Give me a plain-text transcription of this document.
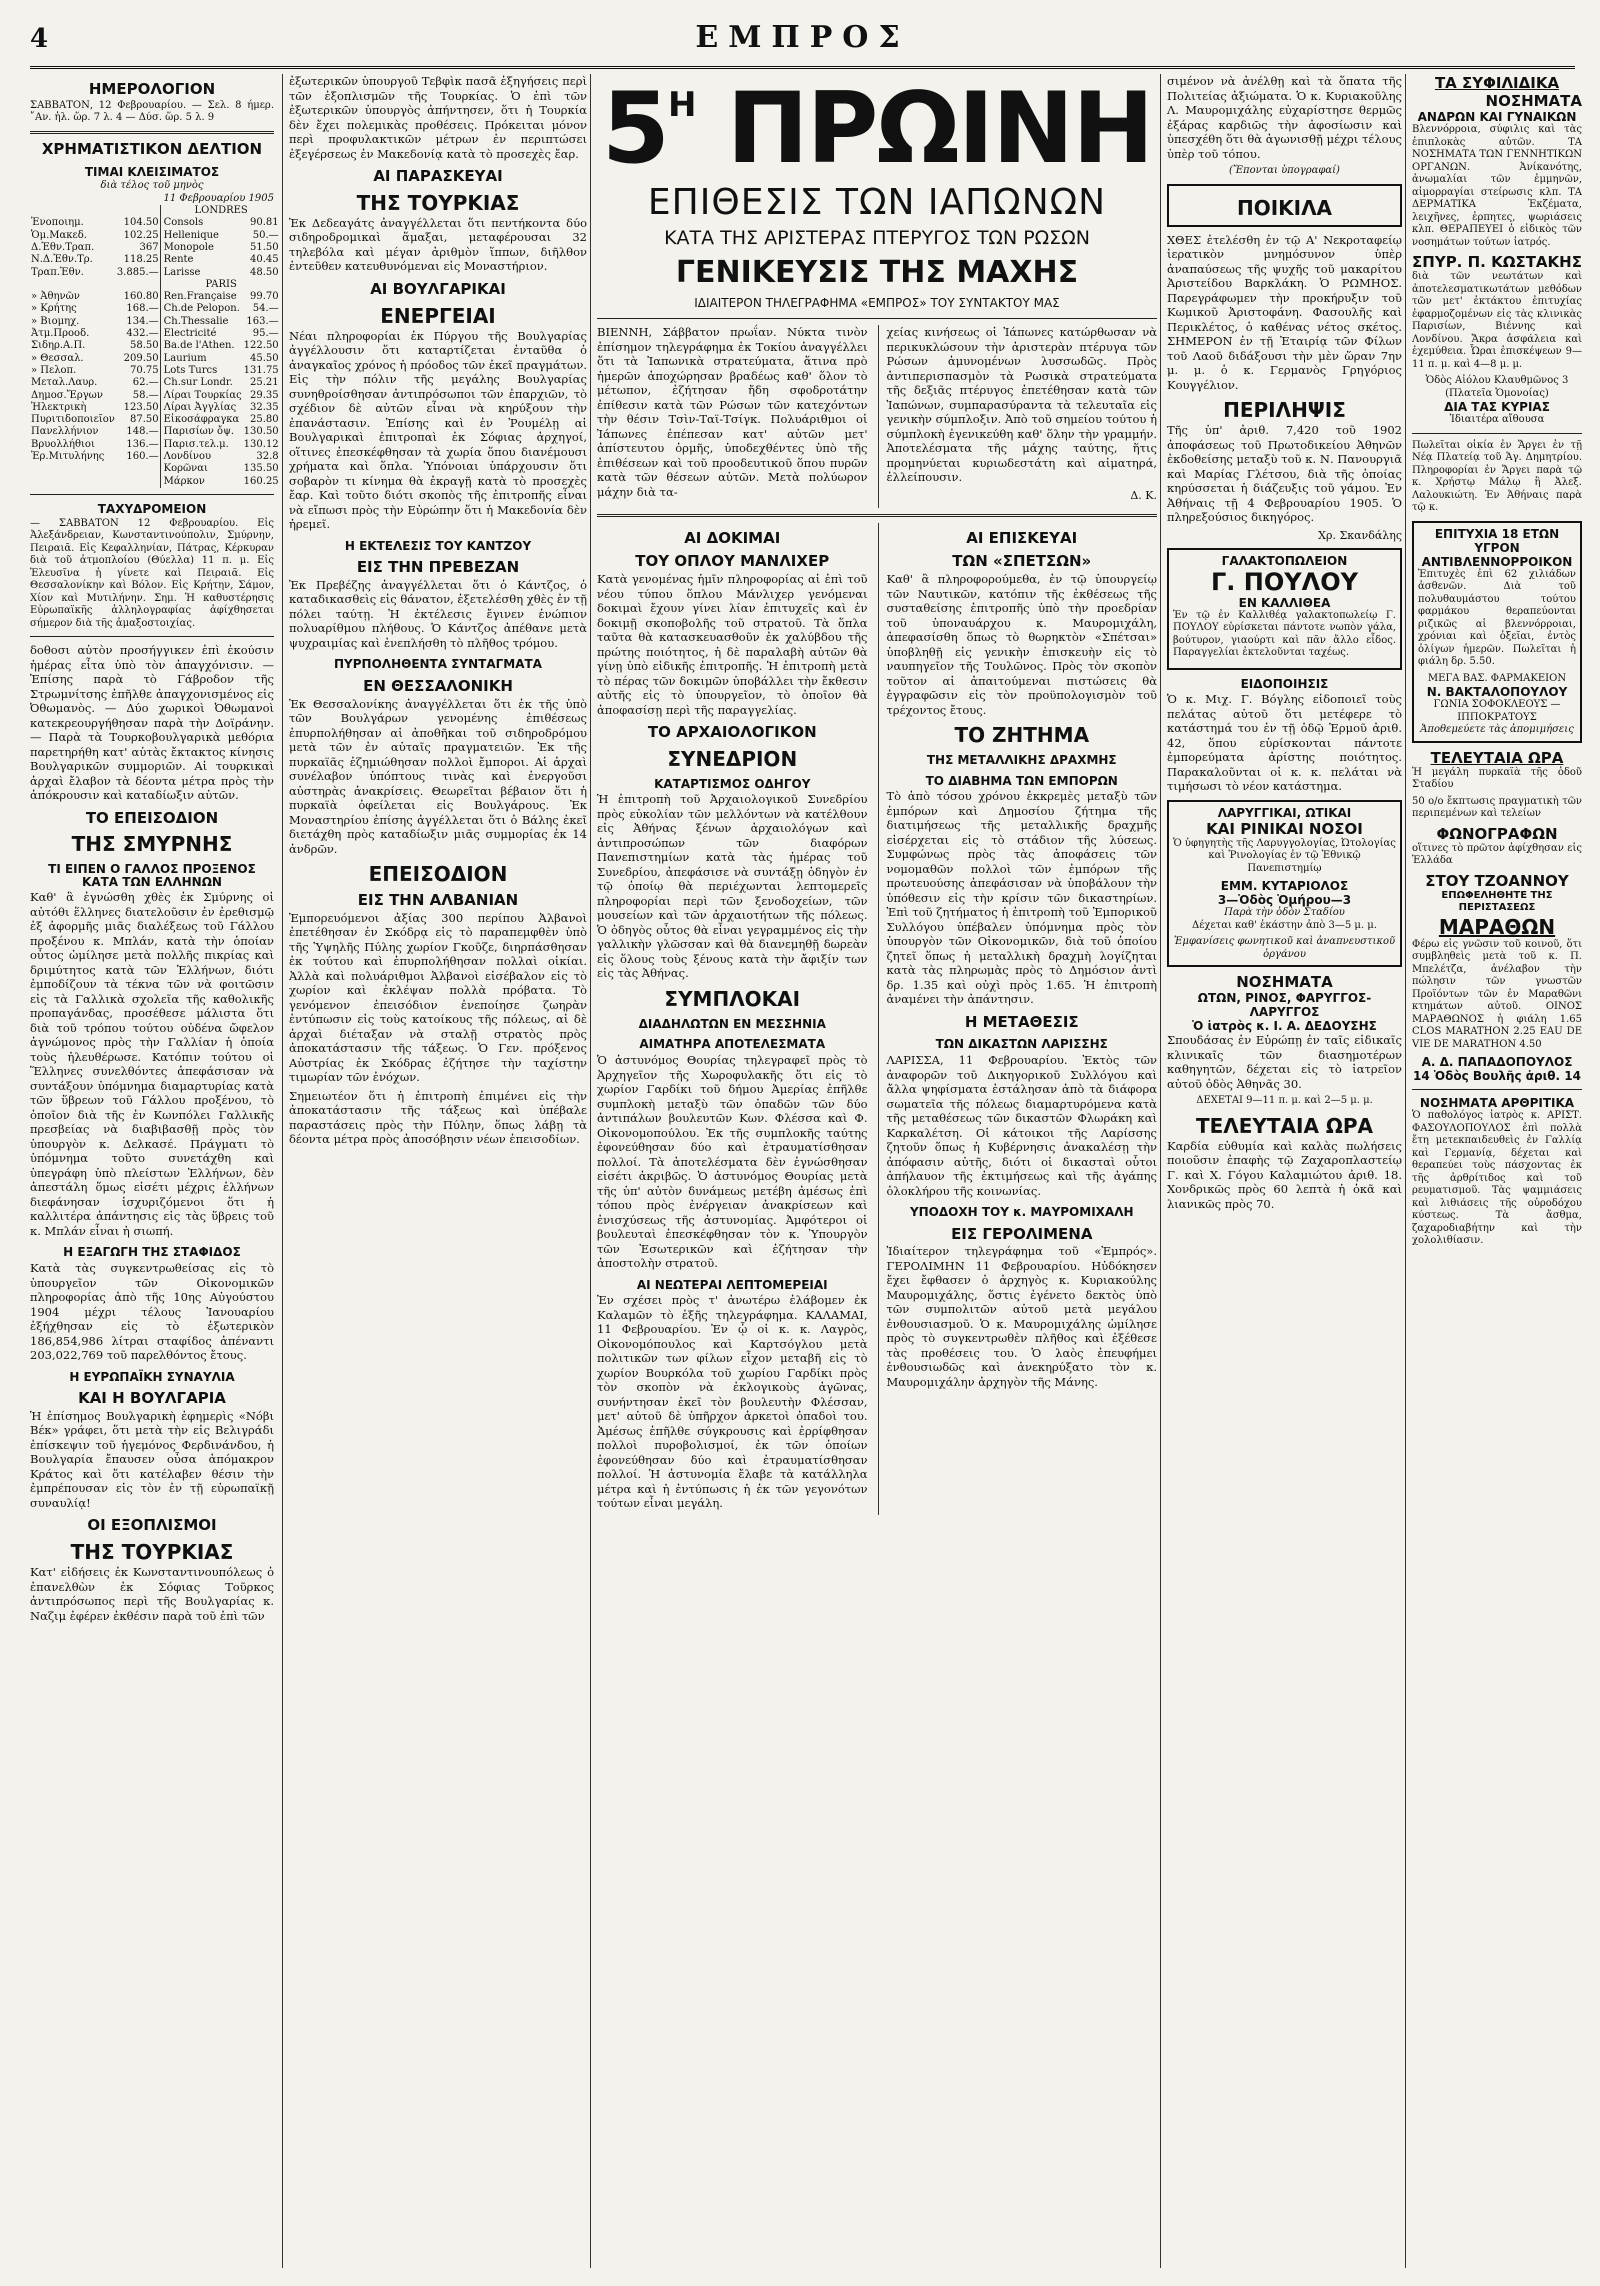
4	ΕΜΠΡΟΣ
ΗΜΕΡΟΛΟΓΙΟΝ

ΣΑΒΒΑΤΟΝ, 12 Φεβρουαρίου. — Σελ. 8 ήμερ. ῎Αν. ἡλ. ὥρ. 7 λ. 4 — Δύσ. ὥρ. 5 λ. 9

ΧΡΗΜΑΤΙΣΤΙΚΟΝ ΔΕΛΤΙΟΝ
ΤΙΜΑΙ ΚΛΕΙΣΙΜΑΤΟΣ
διὰ τέλος τοῦ μηνὸς
11 Φεβρουαρίου 1905
		LONDRES	
Ἐνοποιημ.	104.50	Consols	90.81
Ὁμ.Μακεδ.	102.25	Hellenique	50.—
Δ.Ἐθν.Τραπ.	367	Monopole	51.50
Ν.Δ.Ἐθν.Τρ.	118.25	Rente	40.45
Τραπ.Ἐθν.	3.885.—	Larisse	48.50
		PARIS	
» Ἀθηνῶν	160.80	Ren.Française	99.70
» Κρήτης	168.—	Ch.de Pelopon.	54.—
» Βιομηχ.	134.—	Ch.Thessalie	163.—
Ἀτμ.Προοδ.	432.—	Electricité	95.—
Σιδηρ.Α.Π.	58.50	Ba.de l'Athen.	122.50
» Θεσσαλ.	209.50	Laurium	45.50
» Πελοπ.	70.75	Lots Turcs	131.75
Μεταλ.Λαυρ.	62.—	Ch.sur Londr.	25.21
Δημοσ.Ἔργων	58.—	Λίραι Τουρκίας	29.35
Ἠλεκτρικὴ	123.50	Λίραι Ἀγγλίας	32.35
Πυριτιδοποιεῖον	87.50	Εἰκοσάφραγκα	25.80
Πανελλήνιον	148.—	Παρισίων ὄψ.	130.50
Βρυολλήθιοι	136.—	Παρισ.τελ.μ.	130.12
Ἐρ.Μιτυλήνης	160.—	Λονδίνου	32.8
		Κορῶναι	135.50
		Μάρκον	160.25
ΤΑΧΥΔΡΟΜΕΙΟΝ

— ΣΑΒΒΑΤΟΝ 12 Φεβρουαρίου. Εἰς Ἀλεξάνδρειαν, Κωνσταντινούπολιν, Σμύρνην, Πειραιᾶ. Εἰς Κεφαλληνίαν, Πάτρας, Κέρκυραν διὰ τοῦ ἀτμοπλοίου (Θύελλα) 11 π. μ. Εἰς Ἐλευσῖνα ἡ γίνετε καὶ Πειραιᾶ. Εἰς Θεσσαλονίκην καὶ Βόλον. Εἰς Κρήτην, Σάμον, Χίον καὶ Μυτιλήνην. Σημ. Ἡ καθυστέρησις Εὐρωπαϊκῆς ἀλληλογραφίας ἀφίχθησεται σήμερον διὰ τῆς ἀμαξοστοιχίας.

δοθοσι αὐτὸν προσήγγικεν ἐπὶ ἐκούσιν ἡμέρας εἶτα ὑπὸ τὸν ἀπαγχόνισιν. — Ἐπίσης παρὰ τὸ Γάβροδον τῆς Στρωμνίτσης ἐπῆλθε ἀπαγχονισμένος εἰς Ὀθωμανὸς. — Δύο χωρικοὶ Ὀθωμανοὶ κατεκρεουργήθησαν παρὰ τὴν Δοϊράνην. — Παρὰ τὰ Τουρκοβουλγαρικὰ μεθόρια παρετηρήθη κατ' αὐτὰς ἔκτακτος κίνησις Βουλγαρικῶν συμμοριῶν. Αἱ τουρκικαὶ ἀρχαὶ ἔλαβον τὰ δέοντα μέτρα πρὸς τὴν ἀπόκρουσιν καὶ καταδίωξιν αὐτῶν.

ΤΟ ΕΠΕΙΣΟΔΙΟΝ
ΤΗΣ ΣΜΥΡΝΗΣ
ΤΙ ΕΙΠΕΝ Ο ΓΑΛΛΟΣ ΠΡΟΞΕΝΟΣ ΚΑΤΑ ΤΩΝ ΕΛΛΗΝΩΝ

Καθ' ἃ ἐγνώσθη χθὲς ἐκ Σμύρνης οἱ αὐτόθι ἕλληνες διατελοῦσιν ἐν ἐρεθισμῷ ἐξ ἀφορμῆς μιᾶς διαλέξεως τοῦ Γάλλου προξένου κ. Μπλάν, κατὰ τὴν ὁποίαν οὗτος ὡμίλησε μετὰ πολλῆς πικρίας καὶ δριμύτητος κατὰ τῶν Ἑλλήνων, διότι ἐμποδίζουν τὰ τέκνα τῶν νὰ φοιτῶσιν εἰς τὰ Γαλλικὰ σχολεῖα τῆς καθολικῆς προπαγάνδας, προσέθεσε μάλιστα ὅτι διὰ τοῦ τρόπου τούτου οὐδένα ὤφελον ἀγνώμονος πρὸς τὴν Γαλλίαν ἡ ὁποία τοὺς ἠλευθέρωσε. Κατόπιν τούτου οἱ Ἕλληνες συνελθόντες ἀπεφάσισαν νὰ συντάξουν ὑπόμνημα διαμαρτυρίας κατὰ τῶν ὕβρεων τοῦ Γάλλου προξένου, τὸ ὁποῖον διὰ τῆς ἐν Κωνπόλει Γαλλικῆς πρεσβείας νὰ διαβιβασθῇ πρὸς τὸν ὑπουργὸν κ. Δελκασέ. Πράγματι τὸ ὑπόμνημα τοῦτο συνετάχθη καὶ ὑπεγράφη ὑπὸ πλείστων Ἑλλήνων, δὲν ἀπεστάλη ὅμως εἰσέτι μέχρις ἑλλήνων διεφάνησαν ἰσχυριζόμενοι ὅτι ἡ καλλιτέρα ἀπάντησις εἰς τὰς ὕβρεις τοῦ κ. Μπλάν εἶναι ἡ σιωπή.

Η ΕΞΑΓΩΓΗ ΤΗΣ ΣΤΑΦΙΔΟΣ

Κατὰ τὰς συγκεντρωθείσας εἰς τὸ ὑπουργεῖον τῶν Οἰκονομικῶν πληροφορίας ἀπὸ τῆς 10ης Αὐγούστου 1904 μέχρι τέλους Ἰανουαρίου ἐξήχθησαν εἰς τὸ ἐξωτερικὸν 186,854,986 λίτραι σταφίδος ἀπέναντι 203,022,769 τοῦ παρελθόντος ἔτους.

Η ΕΥΡΩΠΑΪΚΗ ΣΥΝΑΥΛΙΑ
ΚΑΙ Η ΒΟΥΛΓΑΡΙΑ

Ἡ ἐπίσημος Βουλγαρικὴ ἐφημερὶς «Νόβι Βέκ» γράφει, ὅτι μετὰ τὴν εἰς Βελιγράδι ἐπίσκεψιν τοῦ ἡγεμόνος Φερδινάνδου, ἡ Βουλγαρία ἔπαυσεν οὖσα ἀπόμακρον Κράτος καὶ ὅτι κατέλαβεν θέσιν τὴν ἐμπρέπουσαν εἰς τὸν ἐν τῇ εὐρωπαϊκῇ συναυλίᾳ!

ΟΙ ΕΞΟΠΛΙΣΜΟΙ
ΤΗΣ ΤΟΥΡΚΙΑΣ

Κατ' εἰδήσεις ἐκ Κωνσταντινουπόλεως ὁ ἐπανελθὼν ἐκ Σόφιας Τοῦρκος ἀντιπρόσωπος περὶ τῆς Βουλγαρίας κ. Ναζιμ ἐφέρεν ἐκθέσιν παρὰ τοῦ ἐπὶ τῶν

ἐξωτερικῶν ὑπουργοῦ Τεβφὶκ πασᾶ ἐξηγήσεις περὶ τῶν ἐξοπλισμῶν τῆς Τουρκίας. Ὁ ἐπὶ τῶν ἐξωτερικῶν ὑπουργὸς ἀπήντησεν, ὅτι ἡ Τουρκία δὲν ἔχει πολεμικὰς προθέσεις. Πρόκειται μόνον περὶ προφυλακτικῶν μέτρων ἐν περιπτώσει ἐξεγέρσεως ἐν Μακεδονίᾳ κατὰ τὸ προσεχὲς ἔαρ.

ΑΙ ΠΑΡΑΣΚΕΥΑΙ
ΤΗΣ ΤΟΥΡΚΙΑΣ

Ἐκ Δεδεαγάτς ἀναγγέλλεται ὅτι πεντήκοντα δύο σιδηροδρομικαὶ ἅμαξαι, μεταφέρουσαι 32 τηλεβόλα καὶ μέγαν ἀριθμὸν ἵππων, διῆλθον ἐντεῦθεν κατευθυνόμεναι εἰς Μοναστήριον.

ΑΙ ΒΟΥΛΓΑΡΙΚΑΙ
ΕΝΕΡΓΕΙΑΙ

Νέαι πληροφορίαι ἐκ Πύργου τῆς Βουλγαρίας ἀγγέλλουσιν ὅτι καταρτίζεται ἐνταῦθα ὁ ἀναγκαῖος χρόνος ἡ πρόοδος τῶν ἐκεῖ πραγμάτων. Εἰς τὴν πόλιν τῆς μεγάλης Βουλγαρίας συνηθροίσθησαν ἀντιπρόσωποι τῶν ἐπαρχιῶν, τὸ σχέδιον δὲ αὐτῶν εἶναι νὰ κηρύξουν τὴν ἐπανάστασιν. Ἐπίσης καὶ ἐν Ῥουμέλῃ αἱ Βουλγαρικαὶ ἐπιτροπαὶ ἐκ Σόφιας ἀρχηγοί, οἵτινες ἐπεσκέφθησαν τὰ χωρία ὅπου διανέμουσι χρήματα καὶ ὅπλα. Ὑπόνοιαι ὑπάρχουσιν ὅτι σοβαρὸν τι κίνημα θὰ ἐκραγῇ κατὰ τὸ προσεχὲς ἔαρ. Καὶ τοῦτο διότι σκοπὸς τῆς ἐπιτροπῆς εἶναι νὰ εἴπωσι πρὸς τὴν Εὐρώπην ὅτι ἡ Μακεδονία δὲν ἠρεμεῖ.

Η ΕΚΤΕΛΕΣΙΣ ΤΟΥ ΚΑΝΤΖΟΥ
ΕΙΣ ΤΗΝ ΠΡΕΒΕΖΑΝ

Ἐκ Πρεβέζης ἀναγγέλλεται ὅτι ὁ Κάντζος, ὁ καταδικασθεὶς εἰς θάνατον, ἐξετελέσθη χθὲς ἐν τῇ πόλει ταύτῃ. Ἡ ἐκτέλεσις ἔγινεν ἐνώπιον πολυαρίθμου πλήθους. Ὁ Κάντζος ἀπέθανε μετὰ ψυχραιμίας καὶ ἐνεπλήσθη τὸ πλῆθος τρόμου.

ΠΥΡΠΟΛΗΘΕΝΤΑ ΣΥΝΤΑΓΜΑΤΑ
ΕΝ ΘΕΣΣΑΛΟΝΙΚΗ

Ἐκ Θεσσαλονίκης ἀναγγέλλεται ὅτι ἐκ τῆς ὑπὸ τῶν Βουλγάρων γενομένης ἐπιθέσεως ἐπυρπολήθησαν αἱ ἀποθῆκαι τοῦ σιδηροδρόμου μετὰ τῶν ἐν αὐταῖς πραγματειῶν. Ἐκ τῆς πυρκαϊᾶς ἐζημιώθησαν πολλοὶ ἔμποροι. Αἱ ἀρχαὶ συνέλαβον ὑπόπτους τινὰς καὶ ἐνεργοῦσι αὐστηρὰς ἀνακρίσεις. Θεωρεῖται βέβαιον ὅτι ἡ πυρκαϊὰ ὀφείλεται εἰς Βουλγάρους. Ἐκ Μοναστηρίου ἐπίσης ἀγγέλλεται ὅτι ὁ Βάλης ἐκεῖ διετάχθη πρὸς καταδίωξιν μιᾶς συμμορίας ἐκ 14 ἀνδρῶν.

ΕΠΕΙΣΟΔΙΟΝ
ΕΙΣ ΤΗΝ ΑΛΒΑΝΙΑΝ

Ἐμπορευόμενοι ἀξίας 300 περίπου Ἀλβανοὶ ἐπετέθησαν ἐν Σκόδρᾳ εἰς τὸ παραπεμφθὲν ὑπὸ τῆς Ὑψηλῆς Πύλης χωρίον Γκοῦζε, διηρπάσθησαν ἐκ τούτου καὶ ἐπυρπολήθησαν πολλαὶ οἰκίαι. Ἀλλὰ καὶ πολυάριθμοι Ἀλβανοὶ εἰσέβαλον εἰς τὸ χωρίον καὶ ἐκλέψαν πολλὰ πρόβατα. Τὸ γενόμενον ἐπεισόδιον ἐνεποίησε ζωηρὰν ἐντύπωσιν εἰς τοὺς κατοίκους τῆς πόλεως, αἱ δὲ ἀρχαὶ διέταξαν νὰ σταλῇ στρατὸς πρὸς ἀποκατάστασιν τῆς τάξεως. Ὁ Γεν. πρόξενος Αὐστρίας ἐκ Σκόδρας ἐζήτησε τὴν ταχίστην τιμωρίαν τῶν ἐνόχων.

Σημειωτέον ὅτι ἡ ἐπιτροπὴ ἐπιμένει εἰς τὴν ἀποκατάστασιν τῆς τάξεως καὶ ὑπέβαλε παραστάσεις πρὸς τὴν Πύλην, ὅπως λάβῃ τὰ δέοντα μέτρα πρὸς ἀποσόβησιν νέων ἐπεισοδίων.

$5^H$ ΠΡΩΙΝΗ
ΕΠΙΘΕΣΙΣ ΤΩΝ ΙΑΠΩΝΩΝ
ΚΑΤΑ ΤΗΣ ΑΡΙΣΤΕΡΑΣ ΠΤΕΡΥΓΟΣ ΤΩΝ ΡΩΣΩΝ
ΓΕΝΙΚΕΥΣΙΣ ΤΗΣ ΜΑΧΗΣ
ΙΔΙΑΙΤΕΡΟΝ ΤΗΛΕΓΡΑΦΗΜΑ «ΕΜΠΡΟΣ» ΤΟΥ ΣΥΝΤΑΚΤΟΥ ΜΑΣ

ΒΙΕΝΝΗ, Σάββατον πρωΐαν. Νύκτα τινὸν ἐπίσημον τηλεγράφημα ἐκ Τοκίου ἀναγγέλλει ὅτι τὰ Ἰαπωνικὰ στρατεύματα, ἅτινα πρὸ ἡμερῶν ἀποχώρησαν βραδέως καθ' ὅλον τὸ μέτωπον, ἐζήτησαν ἤδη σφοδροτάτην ἐπίθεσιν κατὰ τῶν Ρώσων τῶν κατεχόντων τὴν θέσιν Τσὶν-Ταϊ-Τσίγκ. Πολυάριθμοι οἱ Ἰάπωνες ἐπέπεσαν κατ' αὐτῶν μετ' ἀπίστευτου ὁρμῆς, ὑποδεχθέντες ὑπὸ τῆς ἐπιθέσεων καὶ τοῦ προοδευτικοῦ ὅπου πυρῶν κατὰ τῶν θέσεων αὐτῶν. Μετὰ πολύωρον μάχην διὰ τα-

χείας κινήσεως οἱ Ἰάπωνες κατώρθωσαν νὰ περικυκλώσουν τὴν ἀριστερὰν πτέρυγα τῶν Ρώσων ἀμυνομένων λυσσωδῶς. Πρὸς ἀντιπερισπασμὸν τὰ Ρωσικὰ στρατεύματα τῆς δεξιᾶς πτέρυγος ἐπετέθησαν κατὰ τῶν Ἰαπώνων, συμπαρασύραντα τὰ τελευταῖα εἰς γενικὴν σύμπλοξιν. Ἀπὸ τοῦ σημείου τούτου ἡ σύμπλοκὴ ἐγενικεύθη καθ' ὅλην τὴν γραμμήν. Ἀποτελέσματα τῆς μάχης ταύτης, ἥτις προμηνύεται κυριωδεστάτη καὶ αἱματηρά, ἐλλείπουσιν.

Δ. Κ.
ΑΙ ΔΟΚΙΜΑΙ
ΤΟΥ ΟΠΛΟΥ ΜΑΝΛΙΧΕΡ

Κατὰ γενομένας ἡμῖν πληροφορίας αἱ ἐπὶ τοῦ νέου τύπου ὅπλου Μάνλιχερ γενόμεναι δοκιμαὶ ἔχουν γίνει λίαν ἐπιτυχεῖς καὶ ἐν δοκιμῇ σκοποβολῆς τοῦ στρατοῦ. Τὰ ὅπλα ταῦτα θὰ κατασκευασθοῦν ἐκ χαλύβδου τῆς πρώτης ποιότητος, ἡ δὲ παραλαβὴ αὐτῶν θὰ γίνῃ ὑπὸ εἰδικῆς ἐπιτροπῆς. Ἡ ἐπιτροπὴ μετὰ τὸ πέρας τῶν δοκιμῶν ὑποβάλλει τὴν ἔκθεσιν αὐτῆς εἰς τὸ ὑπουργεῖον, τὸ ὁποῖον θὰ ἀποφασίσῃ περὶ τῆς παραγγελίας.

ΤΟ ΑΡΧΑΙΟΛΟΓΙΚΟΝ
ΣΥΝΕΔΡΙΟΝ
ΚΑΤΑΡΤΙΣΜΟΣ ΟΔΗΓΟΥ

Ἡ ἐπιτροπὴ τοῦ Ἀρχαιολογικοῦ Συνεδρίου πρὸς εὐκολίαν τῶν μελλόντων νὰ κατέλθουν εἰς Ἀθήνας ξένων ἀρχαιολόγων καὶ ἀντιπροσώπων τῶν διαφόρων Πανεπιστημίων κατὰ τὰς ἡμέρας τοῦ Συνεδρίου, ἀπεφάσισε νὰ συντάξῃ ὁδηγὸν ἐν τῷ ὁποίῳ θὰ περιέχωνται λεπτομερεῖς πληροφορίαι περὶ τῶν ξενοδοχείων, τῶν μουσείων καὶ τῶν ἀρχαιοτήτων τῆς πόλεως. Ὁ ὁδηγὸς οὗτος θὰ εἶναι γεγραμμένος εἰς τὴν γαλλικὴν γλῶσσαν καὶ θὰ διανεμηθῇ δωρεὰν εἰς ὅλους τοὺς ξένους κατὰ τὴν ἄφιξίν των εἰς τὰς Ἀθήνας.

ΣΥΜΠΛΟΚΑΙ
ΔΙΑΔΗΛΩΤΩΝ ΕΝ ΜΕΣΣΗΝΙΑ
ΑΙΜΑΤΗΡΑ ΑΠΟΤΕΛΕΣΜΑΤΑ

Ὁ ἀστυνόμος Θουρίας τηλεγραφεῖ πρὸς τὸ Ἀρχηγεῖον τῆς Χωροφυλακῆς ὅτι εἰς τὸ χωρίον Γαρδίκι τοῦ δήμου Ἀμερίας ἐπῆλθε συμπλοκὴ μεταξὺ τῶν ὀπαδῶν τῶν δύο ἀντιπάλων βουλευτῶν Κων. Φλέσσα καὶ Φ. Οἰκονομοπούλου. Ἐκ τῆς συμπλοκῆς ταύτης ἐφονεύθησαν δύο καὶ ἐτραυματίσθησαν πολλοί. Τὰ ἀποτελέσματα δὲν ἐγνώσθησαν εἰσέτι ἀκριβῶς. Ὁ ἀστυνόμος Θουρίας μετὰ τῆς ὑπ' αὐτὸν δυνάμεως μετέβη ἀμέσως ἐπὶ τόπου πρὸς ἐνέργειαν ἀνακρίσεων καὶ ἐνισχύσεως τῆς ἀστυνομίας. Ἀμφότεροι οἱ βουλευταὶ ἐπεσκέφθησαν τὸν κ. Ὑπουργὸν τῶν Ἐσωτερικῶν καὶ ἐζήτησαν τὴν ἀποστολὴν στρατοῦ.

ΑΙ ΝΕΩΤΕΡΑΙ ΛΕΠΤΟΜΕΡΕΙΑΙ

Ἐν σχέσει πρὸς τ' ἀνωτέρω ἐλάβομεν ἐκ Καλαμῶν τὸ ἑξῆς τηλεγράφημα. ΚΑΛΑΜΑΙ, 11 Φεβρουαρίου. Ἐν ᾧ οἱ κ. κ. Λαγρὸς, Οἰκονομόπουλος καὶ Καρτσόγλου μετὰ πολιτικῶν των φίλων εἶχον μεταβῆ εἰς τὸ χωρίον Βουρκόλα τοῦ χωρίου Γαρδίκι πρὸς τὸν σκοπὸν νὰ ἐκλογικοὺς ἀγῶνας, συνήντησαν ἐκεῖ τὸν βουλευτὴν Φλέσσαν, μετ' αὐτοῦ δὲ ὑπῆρχον ἀρκετοὶ ὀπαδοὶ του. Ἀμέσως ἐπῆλθε σύγκρουσις καὶ ἐρρίφθησαν πολλοὶ πυροβολισμοί, ἐκ τῶν ὁποίων ἐφονεύθησαν δύο καὶ ἐτραυματίσθησαν πολλοί. Ἡ ἀστυνομία ἔλαβε τὰ κατάλληλα μέτρα καὶ ἡ ἐντύπωσις ἡ ἐκ τῶν γεγονότων τούτων εἶναι μεγάλη.

ΑΙ ΕΠΙΣΚΕΥΑΙ
ΤΩΝ «ΣΠΕΤΣΩΝ»

Καθ' ἃ πληροφορούμεθα, ἐν τῷ ὑπουργείῳ τῶν Ναυτικῶν, κατόπιν τῆς ἐκθέσεως τῆς συσταθείσης ἐπιτροπῆς ὑπὸ τὴν προεδρίαν τοῦ ὑποναυάρχου κ. Μαυρομιχάλη, ἀπεφασίσθη ὅπως τὸ θωρηκτὸν «Σπέτσαι» ὑποβληθῇ εἰς γενικὴν ἐπισκευὴν εἰς τὸ ναυπηγεῖον τῆς Τουλῶνος. Πρὸς τὸν σκοπὸν τοῦτον αἱ ἀπαιτούμεναι πιστώσεις θὰ ἐγγραφῶσιν εἰς τὸν προϋπολογισμὸν τοῦ τρέχοντος ἔτους.

ΤΟ ΖΗΤΗΜΑ
ΤΗΣ ΜΕΤΑΛΛΙΚΗΣ ΔΡΑΧΜΗΣ
ΤΟ ΔΙΑΒΗΜΑ ΤΩΝ ΕΜΠΟΡΩΝ

Τὸ ἀπὸ τόσου χρόνου ἐκκρεμὲς μεταξὺ τῶν ἐμπόρων καὶ Δημοσίου ζήτημα τῆς διατιμήσεως τῆς μεταλλικῆς δραχμῆς εἰσέρχεται εἰς τὸ στάδιον τῆς λύσεως. Συμφώνως πρὸς τὰς ἀποφάσεις τῶν νομομαθῶν πολλοὶ τῶν ἐμπόρων τῆς πρωτευούσης ἀπεφάσισαν νὰ ὑποβάλουν τὴν ὑπόθεσιν εἰς τὴν κρίσιν τῶν δικαστηρίων. Ἐπὶ τοῦ ζητήματος ἡ ἐπιτροπὴ τοῦ Ἐμπορικοῦ Συλλόγου ὑπέβαλεν ὑπόμνημα πρὸς τὸν ὑπουργὸν τῶν Οἰκονομικῶν, διὰ τοῦ ὁποίου ζητεῖ ὅπως ἡ μεταλλικὴ δραχμὴ λογίζηται κατὰ τὰς πληρωμὰς πρὸς τὸ Δημόσιον ἀντὶ δρ. 1.35 καὶ οὐχὶ πρὸς 1.65. Ἡ ἐπιτροπὴ ἀναμένει τὴν ἀπάντησιν.

Η ΜΕΤΑΘΕΣΙΣ
ΤΩΝ ΔΙΚΑΣΤΩΝ ΛΑΡΙΣΣΗΣ

ΛΑΡΙΣΣΑ, 11 Φεβρουαρίου. Ἐκτὸς τῶν ἀναφορῶν τοῦ Δικηγορικοῦ Συλλόγου καὶ ἄλλα ψηφίσματα ἐστάλησαν ἀπὸ τὰ διάφορα σωματεῖα τῆς πόλεως διαμαρτυρόμενα κατὰ τῆς μεταθέσεως τῶν δικαστῶν Φλωράκη καὶ Καρκαλέτση. Οἱ κάτοικοι τῆς Λαρίσσης ζητοῦν ὅπως ἡ Κυβέρνησις ἀνακαλέσῃ τὴν ἀπόφασιν αὐτῆς, διότι οἱ δικασταὶ οὗτοι ἀπήλαυον τῆς ἐκτιμήσεως καὶ τῆς ἀγάπης ὁλοκλήρου τῆς κοινωνίας.

ΥΠΟΔΟΧΗ ΤΟΥ κ. ΜΑΥΡΟΜΙΧΑΛΗ
ΕΙΣ ΓΕΡΟΛΙΜΕΝΑ

Ἰδιαίτερον τηλεγράφημα τοῦ «Ἐμπρός». ΓΕΡΟΛΙΜΗΝ 11 Φεβρουαρίου. Ηὐδόκησεν ἔχει ἔφθασεν ὁ ἀρχηγὸς κ. Κυριακούλης Μαυρομιχάλης, ὅστις ἐγένετο δεκτὸς ὑπὸ τῶν συμπολιτῶν αὐτοῦ μετὰ μεγάλου ἐνθουσιασμοῦ. Ὁ κ. Μαυρομιχάλης ὡμίλησε πρὸς τὸ συγκεντρωθὲν πλῆθος καὶ ἐξέθεσε τὰς προθέσεις του. Ὁ λαὸς ἐπευφήμει ἐνθουσιωδῶς καὶ ἀνεκηρύξατο τὸν κ. Μαυρομιχάλην ἀρχηγὸν τῆς Μάνης.

σιμένον νὰ ἀνέλθῃ καὶ τὰ ὅπατα τῆς Πολιτείας ἀξιώματα. Ὁ κ. Κυριακοῦλης Λ. Μαυρομιχάλης εὐχαρίστησε θερμῶς ἐξάρας καρδιῶς τὴν ἀφοσίωσιν καὶ ὑπεσχέθη ὅτι θὰ ἀγωνισθῇ μέχρι τέλους ὑπὲρ τοῦ τόπου.

(Ἔπονται ὑπογραφαί)
ΠΟΙΚΙΛΑ

ΧΘΕΣ ἐτελέσθη ἐν τῷ Α' Νεκροταφείῳ ἱερατικὸν μνημόσυνον ὑπὲρ ἀναπαύσεως τῆς ψυχῆς τοῦ μακαρίτου Ἀριστείδου Βαρκλάκη. Ὁ ΡΩΜΗΟΣ. Παρεγράφωμεν τὴν προκήρυξιν τοῦ Κωμικοῦ Ἀριστοφάνη. Φασουλῆς καὶ Περικλέτος, ὁ καθένας νέτος σκέτος. ΣΗΜΕΡΟΝ ἐν τῇ Ἑταιρίᾳ τῶν Φίλων τοῦ Λαοῦ διδάξουσι τὴν μὲν ὥραν 7ην μ. μ. ὁ κ. Γερμανὸς Γρηγόριος Κουγγέλιον.

ΠΕΡΙΛΗΨΙΣ

Τῆς ὑπ' ἀριθ. 7,420 τοῦ 1902 ἀποφάσεως τοῦ Πρωτοδικείου Ἀθηνῶν ἐκδοθείσης μεταξὺ τοῦ κ. Ν. Πανουργιᾶ καὶ Μαρίας Γλέτσου, διὰ τῆς ὁποίας κηρύσσεται ἡ διάζευξις τοῦ γάμου. Ἐν Ἀθήναις τῇ 4 Φεβρουαρίου 1905. Ὁ πληρεξούσιος δικηγόρος.

Χρ. Σκανδάλης
ΓΑΛΑΚΤΟΠΩΛΕΙΟΝ
Γ. ΠΟΥΛΟΥ
ΕΝ ΚΑΛΛΙΘΕΑ

Ἐν τῷ ἐν Καλλιθέᾳ γαλακτοπωλείῳ Γ. ΠΟΥΛΟΥ εὑρίσκεται πάντοτε νωπὸν γάλα, βούτυρον, γιαούρτι καὶ πᾶν ἄλλο εἶδος. Παραγγελίαι ἐκτελοῦνται ταχέως.

ΕΙΔΟΠΟΙΗΣΙΣ

Ὁ κ. Μιχ. Γ. Βόγλης εἰδοποιεῖ τοὺς πελάτας αὐτοῦ ὅτι μετέφερε τὸ κατάστημά του ἐν τῇ ὁδῷ Ἑρμοῦ ἀριθ. 42, ὅπου εὑρίσκονται πάντοτε ἐμπορεύματα ἀρίστης ποιότητος. Παρακαλοῦνται οἱ κ. κ. πελάται νὰ τιμήσωσι τὸ νέον κατάστημα.

ΛΑΡΥΓΓΙΚΑΙ, ΩΤΙΚΑΙ
ΚΑΙ ΡΙΝΙΚΑΙ ΝΟΣΟΙ

Ὁ ὑφηγητὴς τῆς Λαρυγγολογίας, Ὠτολογίας καὶ Ῥινολογίας ἐν τῷ Ἐθνικῷ Πανεπιστημίῳ

ΕΜΜ. ΚΥΤΑΡΙΟΛΟΣ
3—Ὁδὸς Ὁμήρου—3
Παρὰ τὴν ὁδὸν Σταδίου

Δέχεται καθ' ἑκάστην ἀπὸ 3—5 μ. μ.

Ἐμφανίσεις φωνητικοῦ καὶ ἀναπνευστικοῦ ὀργάνου
ΝΟΣΗΜΑΤΑ
ΩΤΩΝ, ΡΙΝΟΣ, ΦΑΡΥΓΓΟΣ-ΛΑΡΥΓΓΟΣ
Ὁ ἰατρὸς κ. Ι. Α. ΔΕΔΟΥΣΗΣ

Σπουδάσας ἐν Εὐρώπῃ ἐν ταῖς εἰδικαῖς κλινικαῖς τῶν διασημοτέρων καθηγητῶν, δέχεται εἰς τὸ ἰατρεῖον αὐτοῦ ὁδὸς Ἀθηνᾶς 30.

ΔΕΧΕΤΑΙ 9—11 π. μ. καὶ 2—5 μ. μ.
ΤΕΛΕΥΤΑΙΑ ΩΡΑ

Καρδία εὐθυμία καὶ καλὰς πωλήσεις ποιοῦσιν ἐπαφὴς τῷ Ζαχαροπλαστείῳ Γ. καὶ Χ. Γόγου Καλαμιώτου ἀριθ. 18. Χονδρικῶς πρὸς 60 λεπτὰ ἡ ὀκᾶ καὶ λιανικῶς πρὸς 70.

ΤΑ ΣΥΦΙΛΙΔΙΚΑ
ΝΟΣΗΜΑΤΑ
ΑΝΔΡΩΝ ΚΑΙ ΓΥΝΑΙΚΩΝ

Βλεννόρροια, σύφιλις καὶ τὰς ἐπιπλοκὰς αὐτῶν. ΤΑ ΝΟΣΗΜΑΤΑ ΤΩΝ ΓΕΝΝΗΤΙΚΩΝ ΟΡΓΑΝΩΝ. Ἀνίκανότης, ἀνωμαλίαι τῶν ἐμμηνῶν, αἱμορραγίαι στείρωσις κλπ. ΤΑ ΔΕΡΜΑΤΙΚΑ Ἐκζέματα, λειχῆνες, ἐρπητες, ψωριάσεις κλπ. ΘΕΡΑΠΕΥΕΙ ὁ εἰδικὸς τῶν νοσημάτων τούτων ἰατρός.

ΣΠΥΡ. Π. ΚΩΣΤΑΚΗΣ

διὰ τῶν νεωτάτων καὶ ἀποτελεσματικωτάτων μεθόδων τῶν μετ' ἐκτάκτου ἐπιτυχίας ἐφαρμοζομένων εἰς τὰς κλινικὰς Παρισίων, Βιέννης καὶ Λονδίνου. Ἄκρα ἀσφάλεια καὶ ἐχεμύθεια. Ὧραι ἐπισκέψεων 9—11 π. μ. καὶ 4—8 μ. μ.

Ὁδὸς Αἰόλου Κλαυθμῶνος 3
(Πλατεῖα Ὁμονοίας)
ΔΙΑ ΤΑΣ ΚΥΡΙΑΣ
Ἰδιαιτέρα αἴθουσα

Πωλεῖται οἰκία ἐν Ἄργει ἐν τῇ Νέᾳ Πλατείᾳ τοῦ Ἁγ. Δημητρίου. Πληροφορίαι ἐν Ἄργει παρὰ τῷ κ. Χρήστῳ Μάλῳ ἢ Ἀλεξ. Λαλουκιώτη. Ἐν Ἀθήναις παρὰ τῷ κ.

ΕΠΙΤΥΧΙΑ 18 ΕΤΩΝ
ΥΓΡΟΝ ΑΝΤΙΒΛΕΝΝΟΡΡΟΙΚΟΝ

Ἐπιτυχὲς ἐπὶ 62 χιλιάδων ἀσθενῶν. Διὰ τοῦ πολυθαυμάστου τούτου φαρμάκου θεραπεύονται ριζικῶς αἱ βλεννόρροιαι, χρόνιαι καὶ ὀξεῖαι, ἐντὸς ὀλίγων ἡμερῶν. Πωλεῖται ἡ φιάλη δρ. 5.50.

ΜΕΓΑ ΒΑΣ. ΦΑΡΜΑΚΕΙΟΝ
Ν. ΒΑΚΤΑΛΟΠΟΥΛΟΥ
ΓΩΝΙΑ ΣΟΦΟΚΛΕΟΥΣ — ΙΠΠΟΚΡΑΤΟΥΣ
Ἀποθεμεύετε τὰς ἀπομιμήσεις
ΤΕΛΕΥΤΑΙΑ ΩΡΑ

Ἡ μεγάλη πυρκαϊὰ τῆς ὁδοῦ Σταδίου

50 ο/ο ἔκπτωσις πραγματικὴ τῶν περιπεμένων καὶ τελείων

ΦΩΝΟΓΡΑΦΩΝ

οἵτινες τὸ πρῶτον ἀφίχθησαν εἰς Ἑλλάδα

ΣΤΟΥ ΤΖΟΑΝΝΟΥ
ΕΠΩΦΕΛΗΘΗΤΕ ΤΗΣ ΠΕΡΙΣΤΑΣΕΩΣ
ΜΑΡΑΘΩΝ

Φέρω εἰς γνῶσιν τοῦ κοινοῦ, ὅτι συμβληθεὶς μετὰ τοῦ κ. Π. Μπελέτζα, ἀνέλαβον τὴν πώλησιν τῶν γνωστῶν Προϊόντων τῶν ἐν Μαραθῶνι κτημάτων αὐτοῦ. ΟΙΝΟΣ ΜΑΡΑΘΩΝΟΣ ἡ φιάλη 1.65 CLOS MARATHON 2.25 EAU DE VIE DE MARATHON 4.50

Α. Δ. ΠΑΠΑΔΟΠΟΥΛΟΣ
14 Ὁδὸς Βουλῆς ἀριθ. 14
ΝΟΣΗΜΑΤΑ ΑΡΘΡΙΤΙΚΑ

Ὁ παθολόγος ἰατρὸς κ. ΑΡΙΣΤ. ΦΑΣΟΥΛΟΠΟΥΛΟΣ ἐπὶ πολλὰ ἔτη μετεκπαιδευθεὶς ἐν Γαλλίᾳ καὶ Γερμανίᾳ, δέχεται καὶ θεραπεύει τοὺς πάσχοντας ἐκ τῆς ἀρθρίτιδος καὶ τοῦ ρευματισμοῦ. Τὰς ψαμμιάσεις καὶ λιθιάσεις τῆς οὐροδόχου κύστεως. Τὰ ἄσθμα, ζαχαροδιαβήτην καὶ τὴν χολολιθίασιν.
